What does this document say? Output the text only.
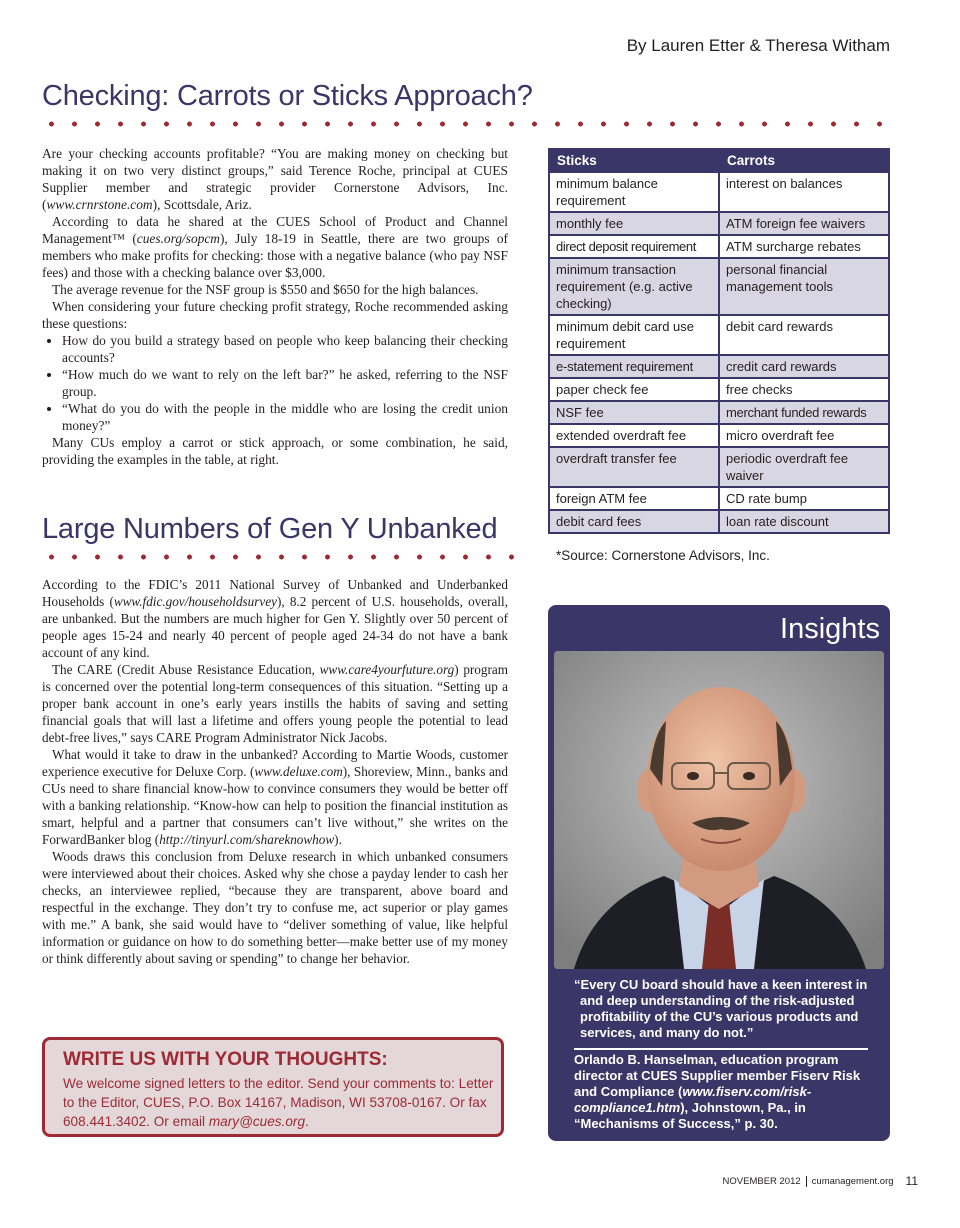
By Lauren Etter & Theresa Witham
Checking: Carrots or Sticks Approach?

Are your checking accounts profitable? “You are making money on checking but making it on two very distinct groups,” said Terence Roche, principal at CUES Supplier member and strategic provider Cornerstone Advisors, Inc. (www.crnrstone.com), Scottsdale, Ariz.

According to data he shared at the CUES School of Product and Channel Management™ (cues.org/sopcm), July 18-19 in Seattle, there are two groups of members who make profits for checking: those with a negative balance (who pay NSF fees) and those with a checking balance over $3,000.

The average revenue for the NSF group is $550 and $650 for the high balances.

When considering your future checking profit strategy, Roche recommended asking these questions:

• How do you build a strategy based on people who keep balancing their checking accounts?
• “How much do we want to rely on the left bar?” he asked, referring to the NSF group.
• “What do you do with the people in the middle who are losing the credit union money?”

Many CUs employ a carrot or stick approach, or some combination, he said, providing the examples in the table, at right.

Sticks	Carrots
minimum balance requirement	interest on balances
monthly fee	ATM foreign fee waivers
direct deposit requirement	ATM surcharge rebates
minimum transaction requirement (e.g. active checking)	personal financial management tools
minimum debit card use requirement	debit card rewards
e-statement requirement	credit card rewards
paper check fee	free checks
NSF fee	merchant funded rewards
extended overdraft fee	micro overdraft fee
overdraft transfer fee	periodic overdraft fee waiver
foreign ATM fee	CD rate bump
debit card fees	loan rate discount
*Source: Cornerstone Advisors, Inc.
Large Numbers of Gen Y Unbanked

According to the FDIC’s 2011 National Survey of Unbanked and Underbanked Households (www.fdic.gov/householdsurvey), 8.2 percent of U.S. households, overall, are unbanked. But the numbers are much higher for Gen Y. Slightly over 50 percent of people ages 15-24 and nearly 40 percent of people aged 24-34 do not have a bank account of any kind.

The CARE (Credit Abuse Resistance Education, www.care4yourfuture.org) program is concerned over the potential long-term consequences of this situation. “Setting up a proper bank account in one’s early years instills the habits of saving and setting financial goals that will last a lifetime and offers young people the potential to lead debt-free lives,” says CARE Program Administrator Nick Jacobs.

What would it take to draw in the unbanked? According to Martie Woods, customer experience executive for Deluxe Corp. (www.deluxe.com), Shoreview, Minn., banks and CUs need to share financial know-how to convince consumers they would be better off with a banking relationship. “Know-how can help to position the financial institution as smart, helpful and a partner that consumers can’t live without,” she writes on the ForwardBanker blog (http://tinyurl.com/shareknowhow).

Woods draws this conclusion from Deluxe research in which unbanked consumers were interviewed about their choices. Asked why she chose a payday lender to cash her checks, an interviewee replied, “because they are transparent, above board and respectful in the exchange. They don’t try to confuse me, act superior or play games with me.” A bank, she said would have to “deliver something of value, like helpful information or guidance on how to do something better—make better use of my money or think differently about saving or spending” to change her behavior.

WRITE US WITH YOUR THOUGHTS:
We welcome signed letters to the editor. Send your comments to: Letter to the Editor, CUES, P.O. Box 14167, Madison, WI 53708-0167. Or fax 608.441.3402. Or email mary@cues.org.
Insights
“Every CU board should have a keen interest in and deep understanding of the risk-adjusted profitability of the CU’s various products and services, and many do not.”
Orlando B. Hanselman, education program director at CUES Supplier member Fiserv Risk and Compliance (www.fiserv.com/risk-compliance1.htm), Johnstown, Pa., in “Mechanisms of Success,” p. 30.
NOVEMBER 2012 cumanagement.org 11
